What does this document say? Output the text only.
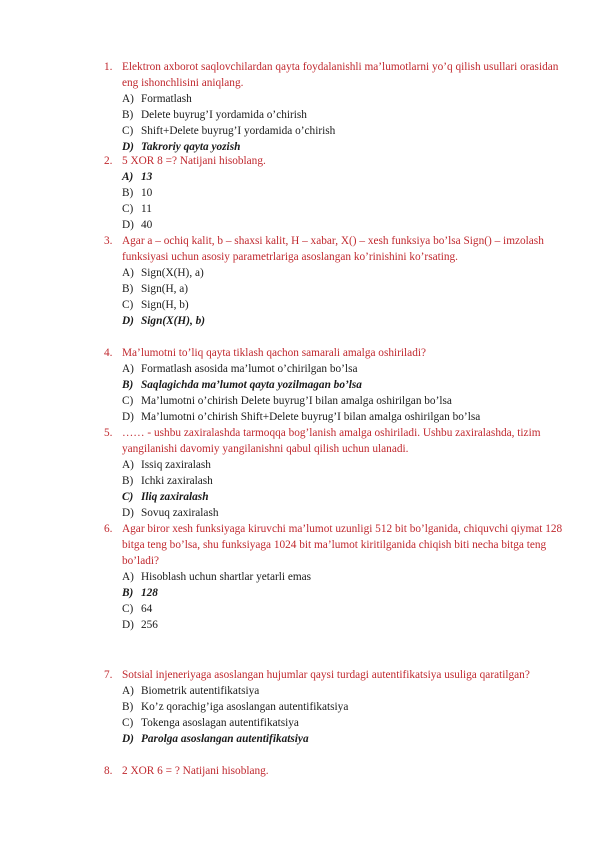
1. Elektron axborot saqlovchilardan qayta foydalanishli ma’lumotlarni yo’q qilish usullari orasidan eng ishonchlisini aniqlang.
A) Formatlash
B) Delete buyrug’I yordamida o’chirish
C) Shift+Delete buyrug’I yordamida o’chirish
D) Takroriy qayta yozish
2. 5 XOR 8 =? Natijani hisoblang.
A) 13
B) 10
C) 11
D) 40
3. Agar a – ochiq kalit, b – shaxsi kalit, H – xabar, X() – xesh funksiya bo’lsa Sign() – imzolash funksiyasi uchun asosiy parametrlariga asoslangan ko’rinishini ko’rsating.
A) Sign(X(H), a)
B) Sign(H, a)
C) Sign(H, b)
D) Sign(X(H), b)
4. Ma’lumotni to’liq qayta tiklash qachon samarali amalga oshiriladi?
A) Formatlash asosida ma’lumot o’chirilgan bo’lsa
B) Saqlagichda ma’lumot qayta yozilmagan bo’lsa
C) Ma’lumotni o’chirish Delete buyrug’I bilan amalga oshirilgan bo’lsa
D) Ma’lumotni o’chirish Shift+Delete buyrug’I bilan amalga oshirilgan bo’lsa
5. …… - ushbu zaxiralashda tarmoqqa bog’lanish amalga oshiriladi. Ushbu zaxiralashda, tizim yangilanishi davomiy yangilanishni qabul qilish uchun ulanadi.
A) Issiq zaxiralash
B) Ichki zaxiralash
C) Iliq zaxiralash
D) Sovuq zaxiralash
6. Agar biror xesh funksiyaga kiruvchi ma’lumot uzunligi 512 bit bo’lganida, chiquvchi qiymat 128 bitga teng bo’lsa, shu funksiyaga 1024 bit ma’lumot kiritilganida chiqish biti necha bitga teng bo’ladi?
A) Hisoblash uchun shartlar yetarli emas
B) 128
C) 64
D) 256
7. Sotsial injeneriyaga asoslangan hujumlar qaysi turdagi autentifikatsiya usuliga qaratilgan?
A) Biometrik autentifikatsiya
B) Ko’z qorachig’iga asoslangan autentifikatsiya
C) Tokenga asoslagan autentifikatsiya
D) Parolga asoslangan autentifikatsiya
8. 2 XOR 6 = ? Natijani hisoblang.
